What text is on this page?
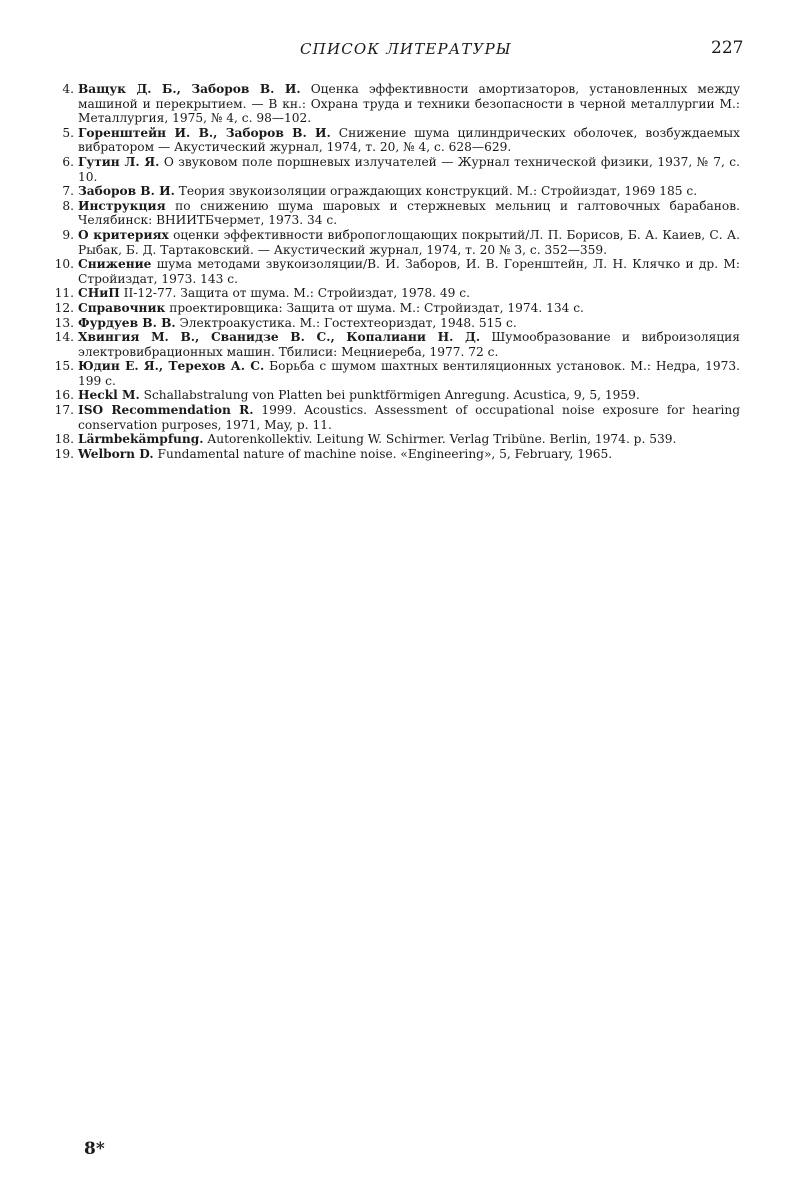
СПИСОК ЛИТЕРАТУРЫ	227
4. Ващук Д. Б., Заборов В. И. Оценка эффективности амортизаторов, установленных между машиной и перекрытием. — В кн.: Охрана труда и техники безопасности в черной металлургии М.: Металлургия, 1975, № 4, с. 98—102.
5. Горенштейн И. В., Заборов В. И. Снижение шума цилиндрических оболочек, возбуждаемых вибратором — Акустический журнал, 1974, т. 20, № 4, с. 628—629.
6. Гутин Л. Я. О звуковом поле поршневых излучателей — Журнал технической физики, 1937, № 7, с. 10.
7. Заборов В. И. Теория звукоизоляции ограждающих конструкций. М.: Стройиздат, 1969 185 с.
8. Инструкция по снижению шума шаровых и стержневых мельниц и галтовочных барабанов. Челябинск: ВНИИТБчермет, 1973. 34 с.
9. О критериях оценки эффективности вибропоглощающих покрытий/Л. П. Борисов, Б. А. Каиев, С. А. Рыбак, Б. Д. Тартаковский. — Акустический журнал, 1974, т. 20 № 3, с. 352—359.
10. Снижение шума методами звукоизоляции/В. И. Заборов, И. В. Горенштейн, Л. Н. Клячко и др. М: Стройиздат, 1973. 143 с.
11. СНиП II-12-77. Защита от шума. М.: Стройиздат, 1978. 49 с.
12. Справочник проектировщика: Защита от шума. М.: Стройиздат, 1974. 134 с.
13. Фурдуев В. В. Электроакустика. М.: Гостехтеориздат, 1948. 515 с.
14. Хвингия М. В., Сванидзе В. С., Копалиани Н. Д. Шумообразование и виброизоляция электровибрационных машин. Тбилиси: Мецниереба, 1977. 72 с.
15. Юдин Е. Я., Терехов А. С. Борьба с шумом шахтных вентиляционных установок. М.: Недра, 1973. 199 с.
16. Heckl M. Schallabstralung von Platten bei punktförmigen Anregung. Acustica, 9, 5, 1959.
17. ISO Recommendation R. 1999. Acoustics. Assessment of occupational noise exposure for hearing conservation purposes, 1971, May, p. 11.
18. Lärmbekämpfung. Autorenkollektiv. Leitung W. Schirmer. Verlag Tribüne. Berlin, 1974. p. 539.
19. Welborn D. Fundamental nature of machine noise. «Engineering», 5, February, 1965.
8*
